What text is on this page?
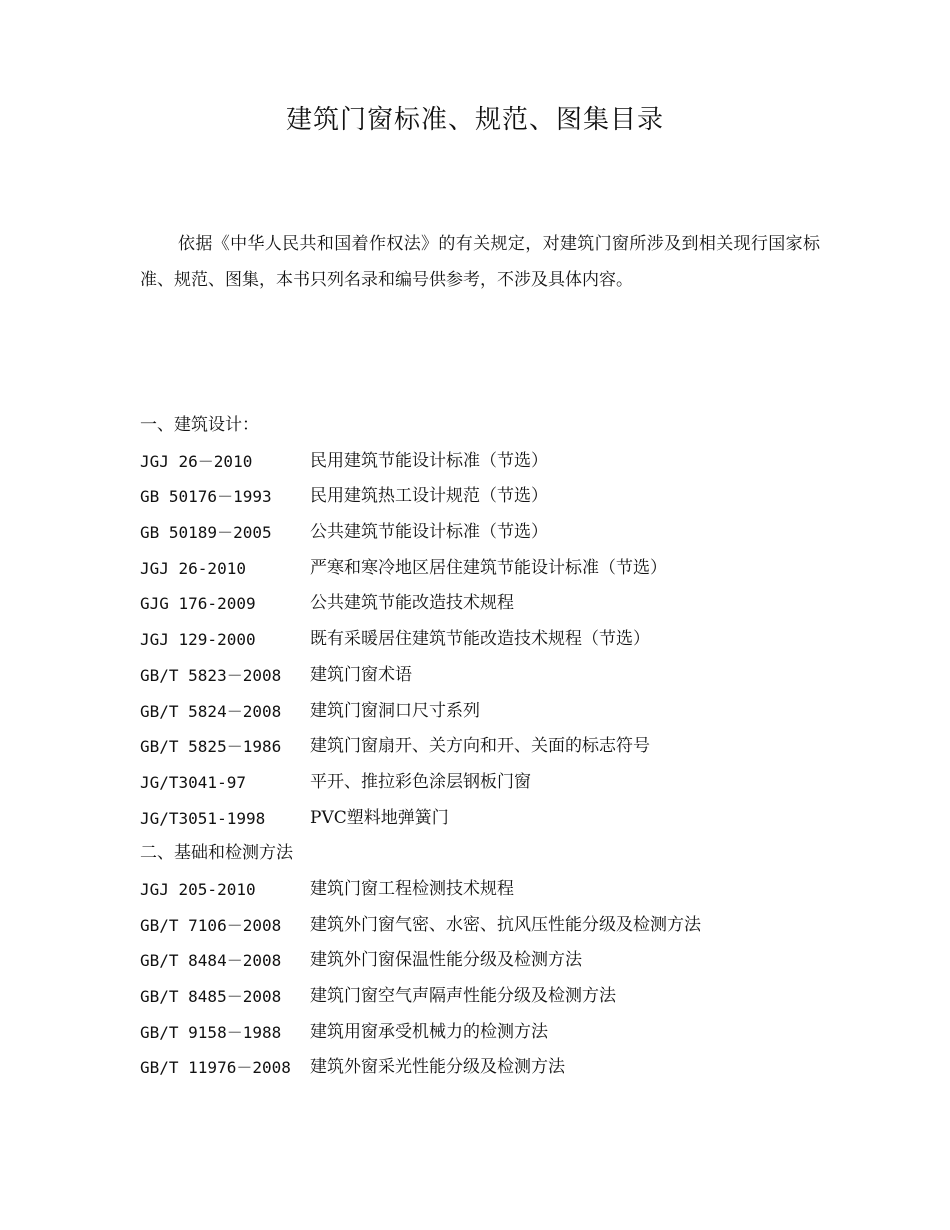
建筑门窗标准、规范、图集目录

依据《中华人民共和国着作权法》的有关规定，对建筑门窗所涉及到相关现行国家标准、规范、图集，本书只列名录和编号供参考，不涉及具体内容。

一、建筑设计：
JGJ 26－2010	民用建筑节能设计标准（节选）
GB 50176－1993	民用建筑热工设计规范（节选）
GB 50189－2005	公共建筑节能设计标准（节选）
JGJ 26-2010	严寒和寒冷地区居住建筑节能设计标准（节选）
GJG 176-2009	公共建筑节能改造技术规程
JGJ 129-2000	既有采暖居住建筑节能改造技术规程（节选）
GB/T 5823－2008	建筑门窗术语
GB/T 5824－2008	建筑门窗洞口尺寸系列
GB/T 5825－1986	建筑门窗扇开、关方向和开、关面的标志符号
JG/T3041-97	平开、推拉彩色涂层钢板门窗
JG/T3051-1998	PVC塑料地弹簧门
二、基础和检测方法
JGJ 205-2010	建筑门窗工程检测技术规程
GB/T 7106－2008	建筑外门窗气密、水密、抗风压性能分级及检测方法
GB/T 8484－2008	建筑外门窗保温性能分级及检测方法
GB/T 8485－2008	建筑门窗空气声隔声性能分级及检测方法
GB/T 9158－1988	建筑用窗承受机械力的检测方法
GB/T 11976－2008	建筑外窗采光性能分级及检测方法
